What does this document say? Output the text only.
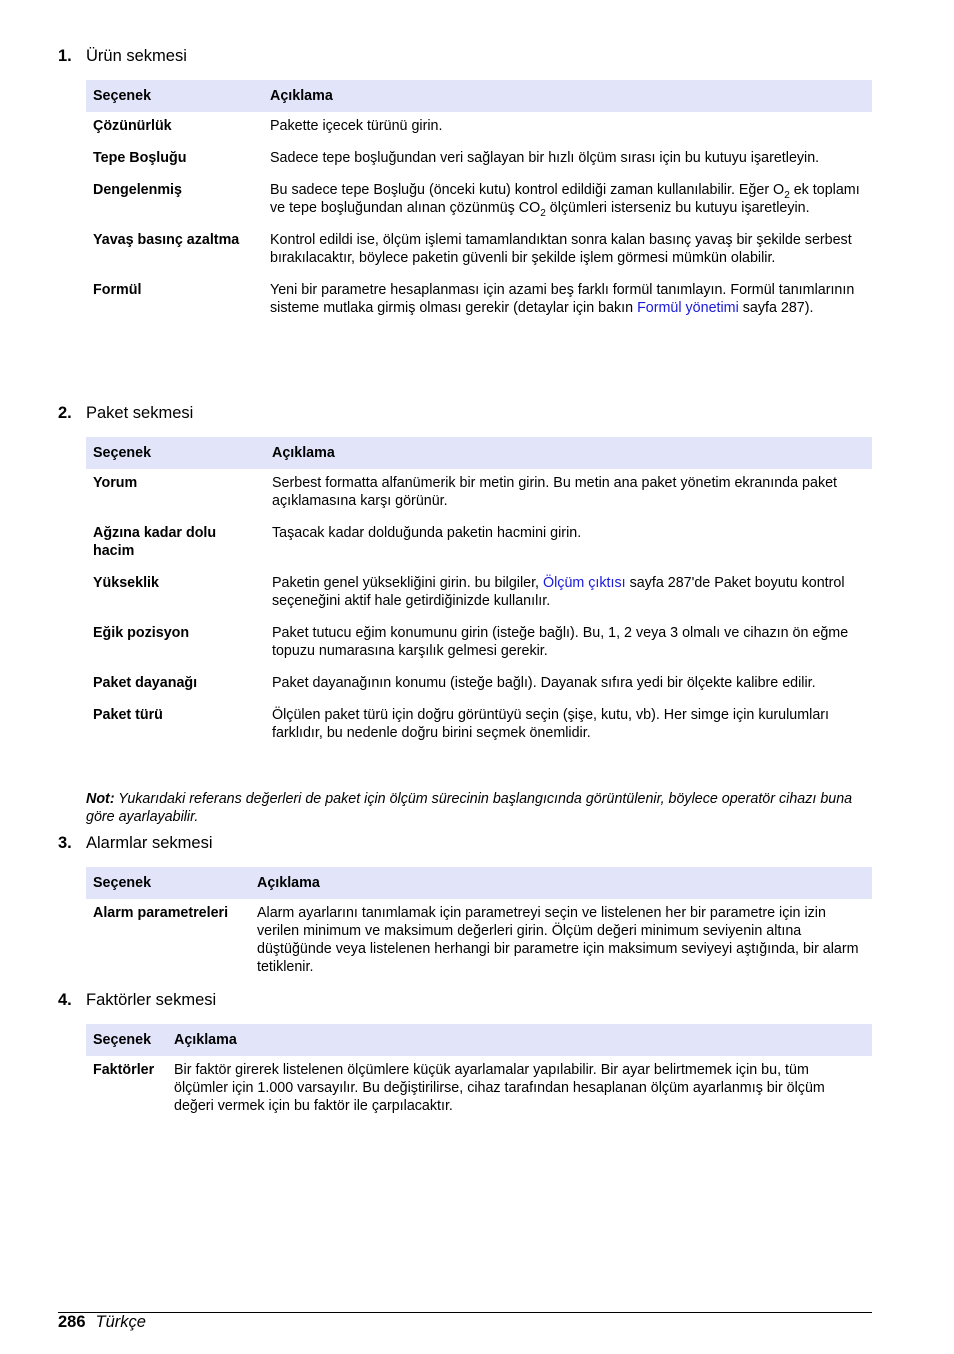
1. Ürün sekmesi
Seçenek	Açıklama
Çözünürlük	Pakette içecek türünü girin.
Tepe Boşluğu	Sadece tepe boşluğundan veri sağlayan bir hızlı ölçüm sırası için bu kutuyu işaretleyin.
Dengelenmiş	Bu sadece tepe Boşluğu (önceki kutu) kontrol edildiği zaman kullanılabilir. Eğer $O_2$ ek toplamı ve tepe boşluğundan alınan çözünmüş $CO_2$ ölçümleri isterseniz bu kutuyu işaretleyin.
Yavaş basınç azaltma	Kontrol edildi ise, ölçüm işlemi tamamlandıktan sonra kalan basınç yavaş bir şekilde serbest bırakılacaktır, böylece paketin güvenli bir şekilde işlem görmesi mümkün olabilir.
Formül	Yeni bir parametre hesaplanması için azami beş farklı formül tanımlayın. Formül tanımlarının sisteme mutlaka girmiş olması gerekir (detaylar için bakın Formül yönetimi sayfa 287).
2. Paket sekmesi
Seçenek	Açıklama
Yorum	Serbest formatta alfanümerik bir metin girin. Bu metin ana paket yönetim ekranında paket açıklamasına karşı görünür.
Ağzına kadar dolu hacim	Taşacak kadar dolduğunda paketin hacmini girin.
Yükseklik	Paketin genel yüksekliğini girin. bu bilgiler, Ölçüm çıktısı sayfa 287'de Paket boyutu kontrol seçeneğini aktif hale getirdiğinizde kullanılır.
Eğik pozisyon	Paket tutucu eğim konumunu girin (isteğe bağlı). Bu, 1, 2 veya 3 olmalı ve cihazın ön eğme topuzu numarasına karşılık gelmesi gerekir.
Paket dayanağı	Paket dayanağının konumu (isteğe bağlı). Dayanak sıfıra yedi bir ölçekte kalibre edilir.
Paket türü	Ölçülen paket türü için doğru görüntüyü seçin (şişe, kutu, vb). Her simge için kurulumları farklıdır, bu nedenle doğru birini seçmek önemlidir.
Not: Yukarıdaki referans değerleri de paket için ölçüm sürecinin başlangıcında görüntülenir, böylece operatör cihazı buna göre ayarlayabilir.
3. Alarmlar sekmesi
Seçenek	Açıklama
Alarm parametreleri	Alarm ayarlarını tanımlamak için parametreyi seçin ve listelenen her bir parametre için izin verilen minimum ve maksimum değerleri girin. Ölçüm değeri minimum seviyenin altına düştüğünde veya listelenen herhangi bir parametre için maksimum seviyeyi aştığında, bir alarm tetiklenir.
4. Faktörler sekmesi
Seçenek	Açıklama
Faktörler	Bir faktör girerek listelenen ölçümlere küçük ayarlamalar yapılabilir. Bir ayar belirtmemek için bu, tüm ölçümler için 1.000 varsayılır. Bu değiştirilirse, cihaz tarafından hesaplanan ölçüm ayarlanmış bir ölçüm değeri vermek için bu faktör ile çarpılacaktır.
286 Türkçe
